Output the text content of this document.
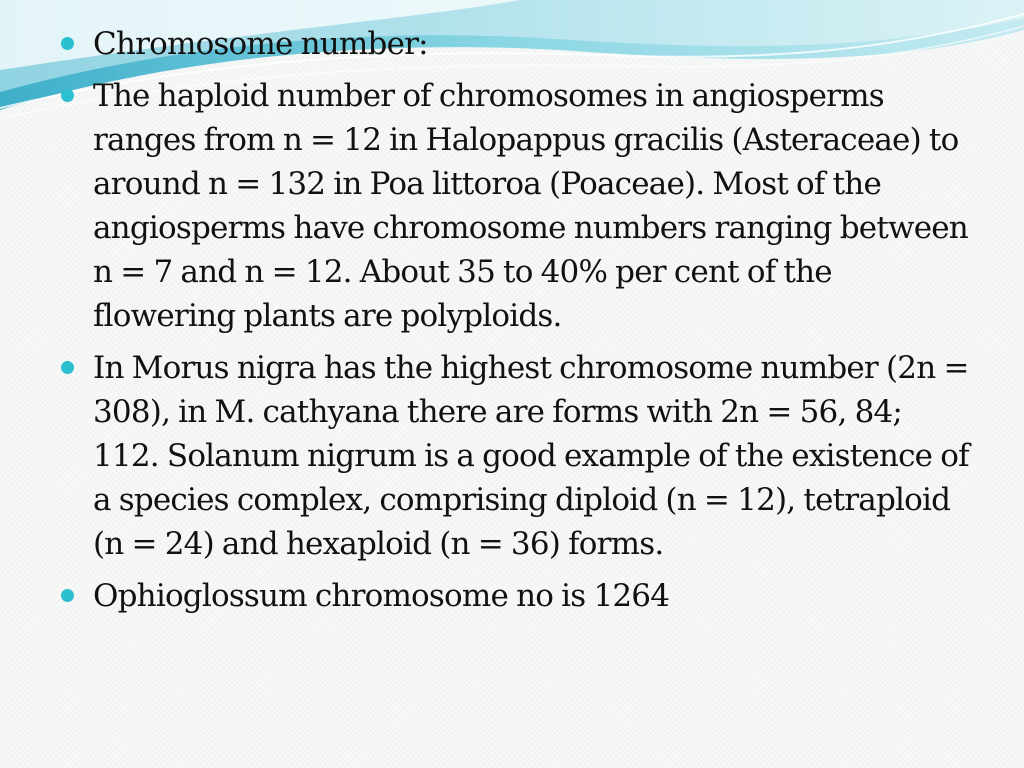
Chromosome number:
The haploid number of chromosomes in angiosperms ranges from n = 12 in Halopappus gracilis (Asteraceae) to around n = 132 in Poa littoroa (Poaceae). Most of the angiosperms have chromosome numbers ranging between n = 7 and n = 12. About 35 to 40% per cent of the flowering plants are polyploids.
In Morus nigra has the highest chromosome number (2n = 308), in M. cathyana there are forms with 2n = 56, 84; 112. Solanum nigrum is a good example of the existence of a species complex, comprising diploid (n = 12), tetraploid (n = 24) and hexaploid (n = 36) forms.
Ophioglossum chromosome no is 1264
